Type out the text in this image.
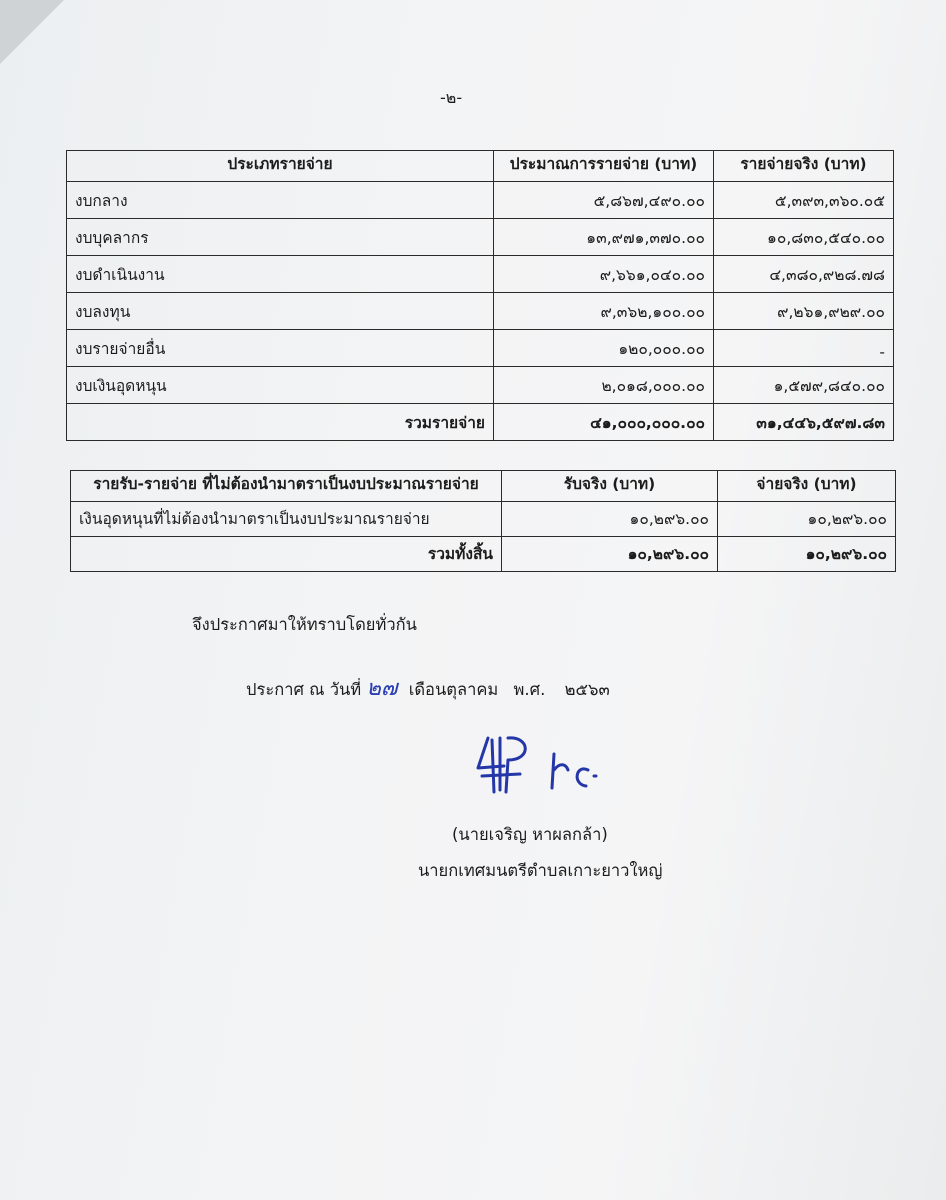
-๒-
ประเภทรายจ่าย	ประมาณการรายจ่าย (บาท)	รายจ่ายจริง (บาท)
งบกลาง	๕,๘๖๗,๔๙๐.๐๐	๕,๓๙๓,๓๖๐.๐๕
งบบุคลากร	๑๓,๙๗๑,๓๗๐.๐๐	๑๐,๘๓๐,๕๔๐.๐๐
งบดำเนินงาน	๙,๖๖๑,๐๔๐.๐๐	๔,๓๘๐,๙๒๘.๗๘
งบลงทุน	๙,๓๖๒,๑๐๐.๐๐	๙,๒๖๑,๙๒๙.๐๐
งบรายจ่ายอื่น	๑๒๐,๐๐๐.๐๐	-
งบเงินอุดหนุน	๒,๐๑๘,๐๐๐.๐๐	๑,๕๗๙,๘๔๐.๐๐
รวมรายจ่าย	๔๑,๐๐๐,๐๐๐.๐๐	๓๑,๔๔๖,๕๙๗.๘๓
รายรับ-รายจ่าย ที่ไม่ต้องนำมาตราเป็นงบประมาณรายจ่าย	รับจริง (บาท)	จ่ายจริง (บาท)
เงินอุดหนุนที่ไม่ต้องนำมาตราเป็นงบประมาณรายจ่าย	๑๐,๒๙๖.๐๐	๑๐,๒๙๖.๐๐
รวมทั้งสิ้น	๑๐,๒๙๖.๐๐	๑๐,๒๙๖.๐๐
จึงประกาศมาให้ทราบโดยทั่วกัน
ประกาศ ณ วันที่ ๒๗ เดือนตุลาคม พ.ศ. ๒๕๖๓
(นายเจริญ หาผลกล้า)
นายกเทศมนตรีตำบลเกาะยาวใหญ่
